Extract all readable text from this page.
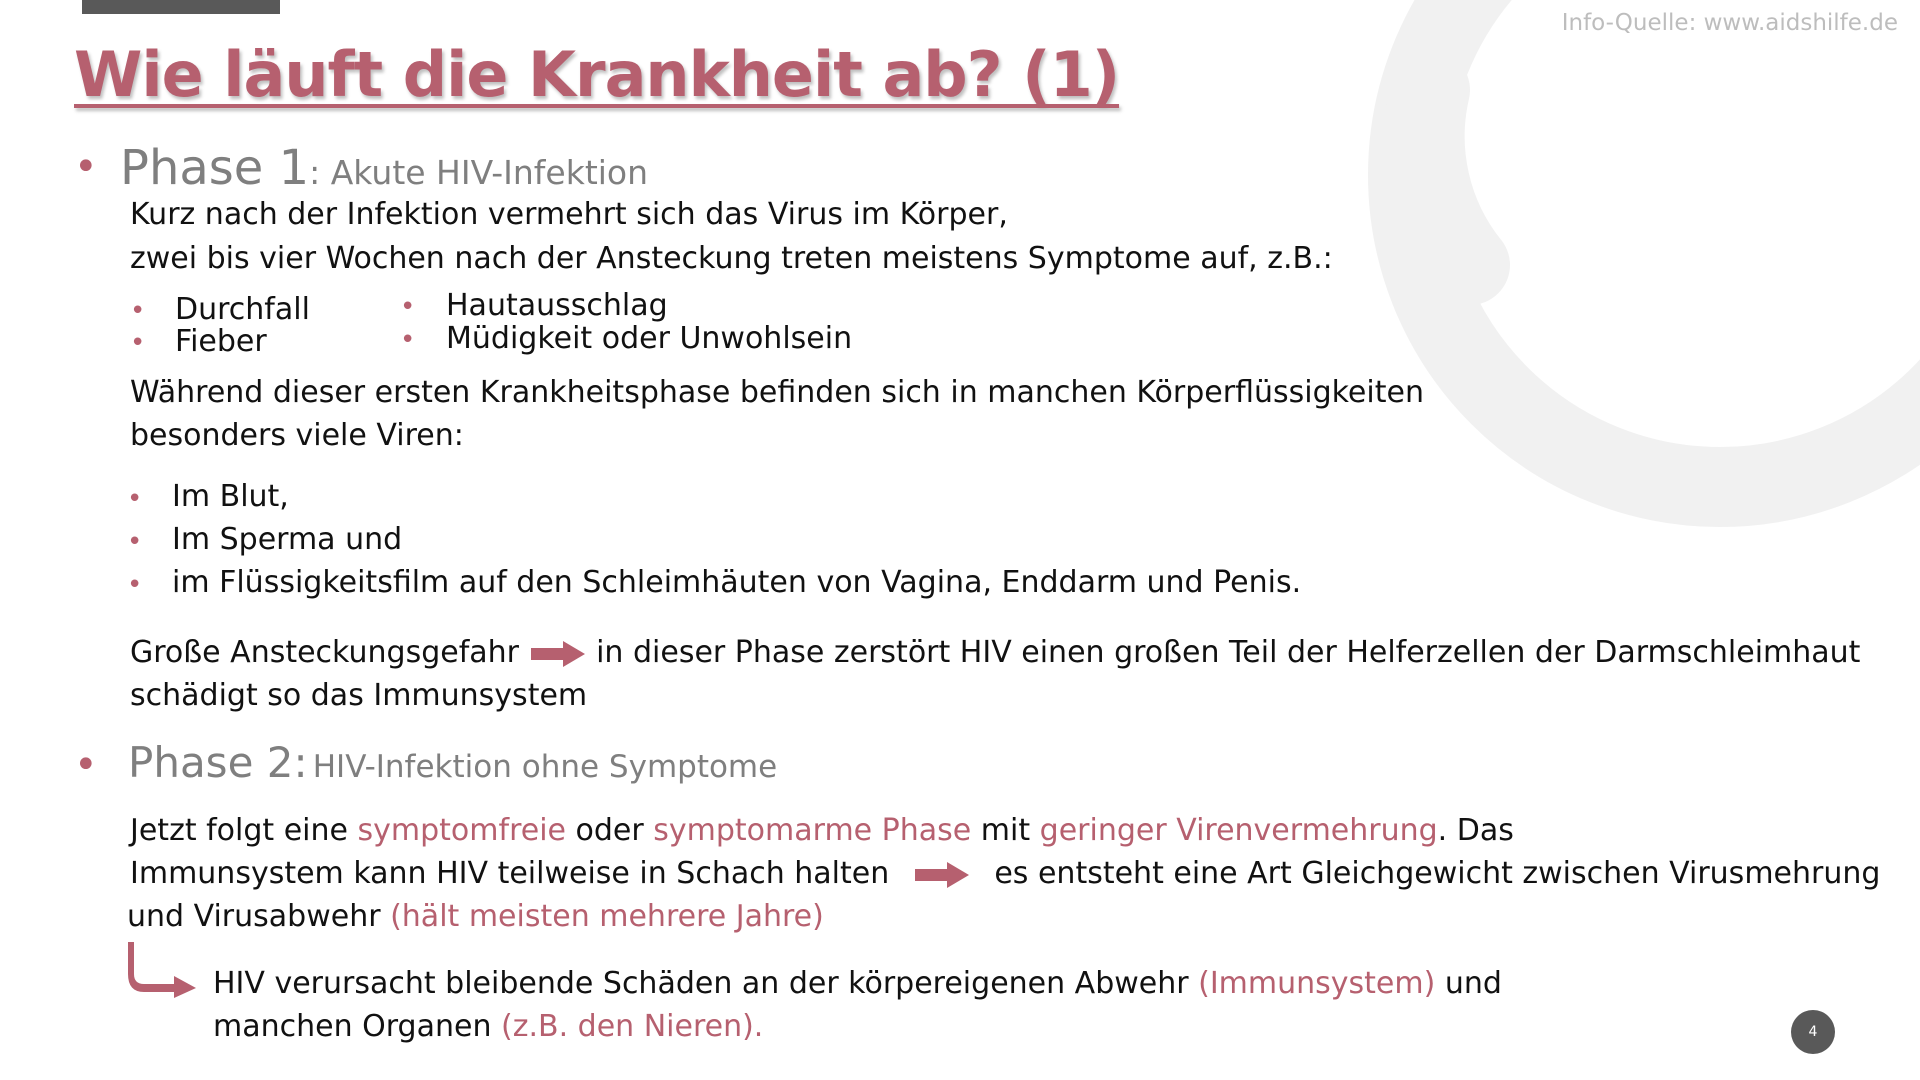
Info-Quelle: www.aidshilfe.de
Wie läuft die Krankheit ab? (1)
• Phase 1: Akute HIV-Infektion
Kurz nach der Infektion vermehrt sich das Virus im Körper,
zwei bis vier Wochen nach der Ansteckung treten meistens Symptome auf, z.B.:
• Durchfall
• Fieber
• Hautausschlag
• Müdigkeit oder Unwohlsein
Während dieser ersten Krankheitsphase befinden sich in manchen Körperflüssigkeiten
besonders viele Viren:
• Im Blut,
• Im Sperma und
• im Flüssigkeitsfilm auf den Schleimhäuten von Vagina, Enddarm und Penis.
Große Ansteckungsgefahr	in dieser Phase zerstört HIV einen großen Teil der Helferzellen der Darmschleimhaut
schädigt so das Immunsystem
• Phase 2: HIV-Infektion ohne Symptome
Jetzt folgt eine symptomfreie oder symptomarme Phase mit geringer Virenvermehrung. Das
Immunsystem kann HIV teilweise in Schach halten	es entsteht eine Art Gleichgewicht zwischen Virusmehrung
und Virusabwehr (hält meisten mehrere Jahre)
HIV verursacht bleibende Schäden an der körpereigenen Abwehr (Immunsystem) und
manchen Organen (z.B. den Nieren).	4
